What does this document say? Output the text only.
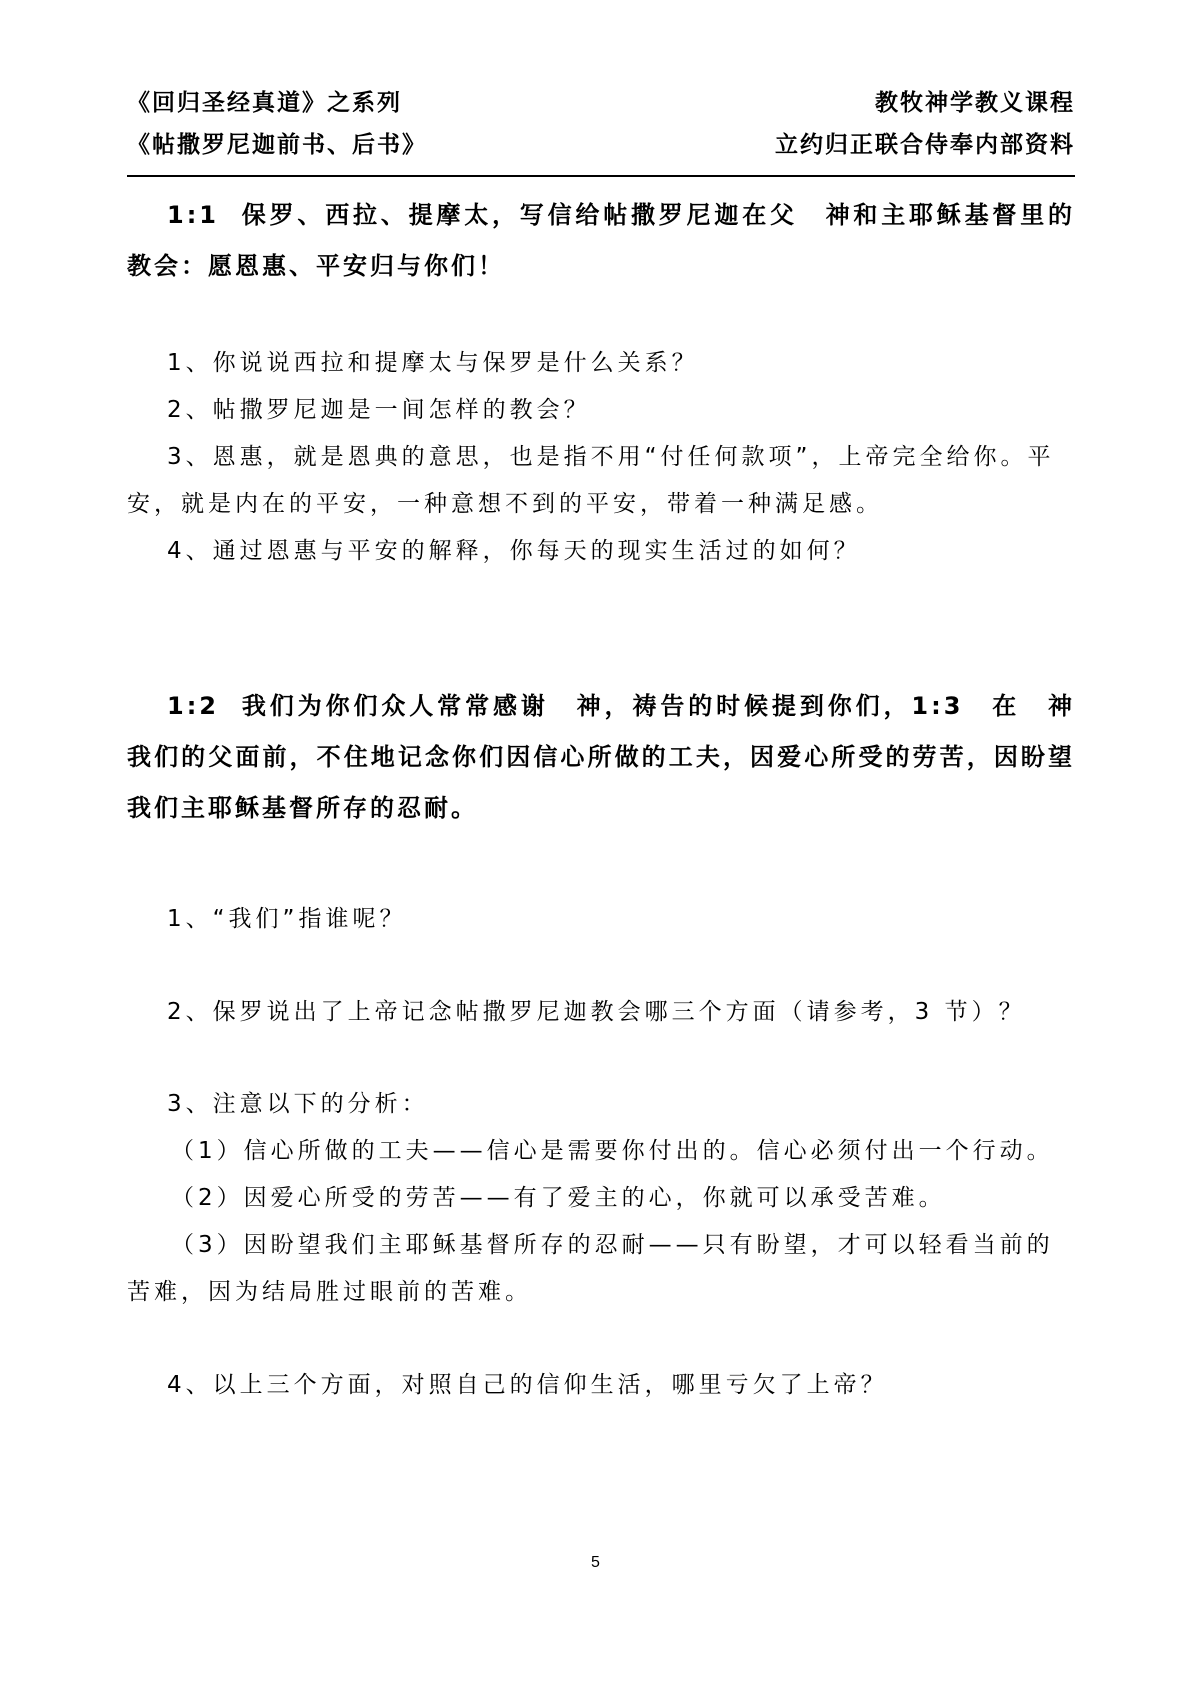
《回归圣经真道》之系列
《帖撒罗尼迦前书、后书》
教牧神学教义课程
立约归正联合侍奉内部资料

1:1 保罗、西拉、提摩太，写信给帖撒罗尼迦在父　神和主耶稣基督里的教会：愿恩惠、平安归与你们！

1、你说说西拉和提摩太与保罗是什么关系？

2、帖撒罗尼迦是一间怎样的教会？

3、恩惠，就是恩典的意思，也是指不用“付任何款项”，上帝完全给你。平安，就是内在的平安，一种意想不到的平安，带着一种满足感。

4、通过恩惠与平安的解释，你每天的现实生活过的如何？

1:2 我们为你们众人常常感谢　神，祷告的时候提到你们，1:3　在　神我们的父面前，不住地记念你们因信心所做的工夫，因爱心所受的劳苦，因盼望我们主耶稣基督所存的忍耐。

1、“我们”指谁呢？

2、保罗说出了上帝记念帖撒罗尼迦教会哪三个方面（请参考，3 节）？

3、注意以下的分析：

（1）信心所做的工夫——信心是需要你付出的。信心必须付出一个行动。

（2）因爱心所受的劳苦——有了爱主的心，你就可以承受苦难。

（3）因盼望我们主耶稣基督所存的忍耐——只有盼望，才可以轻看当前的苦难，因为结局胜过眼前的苦难。

4、以上三个方面，对照自己的信仰生活，哪里亏欠了上帝？

5
